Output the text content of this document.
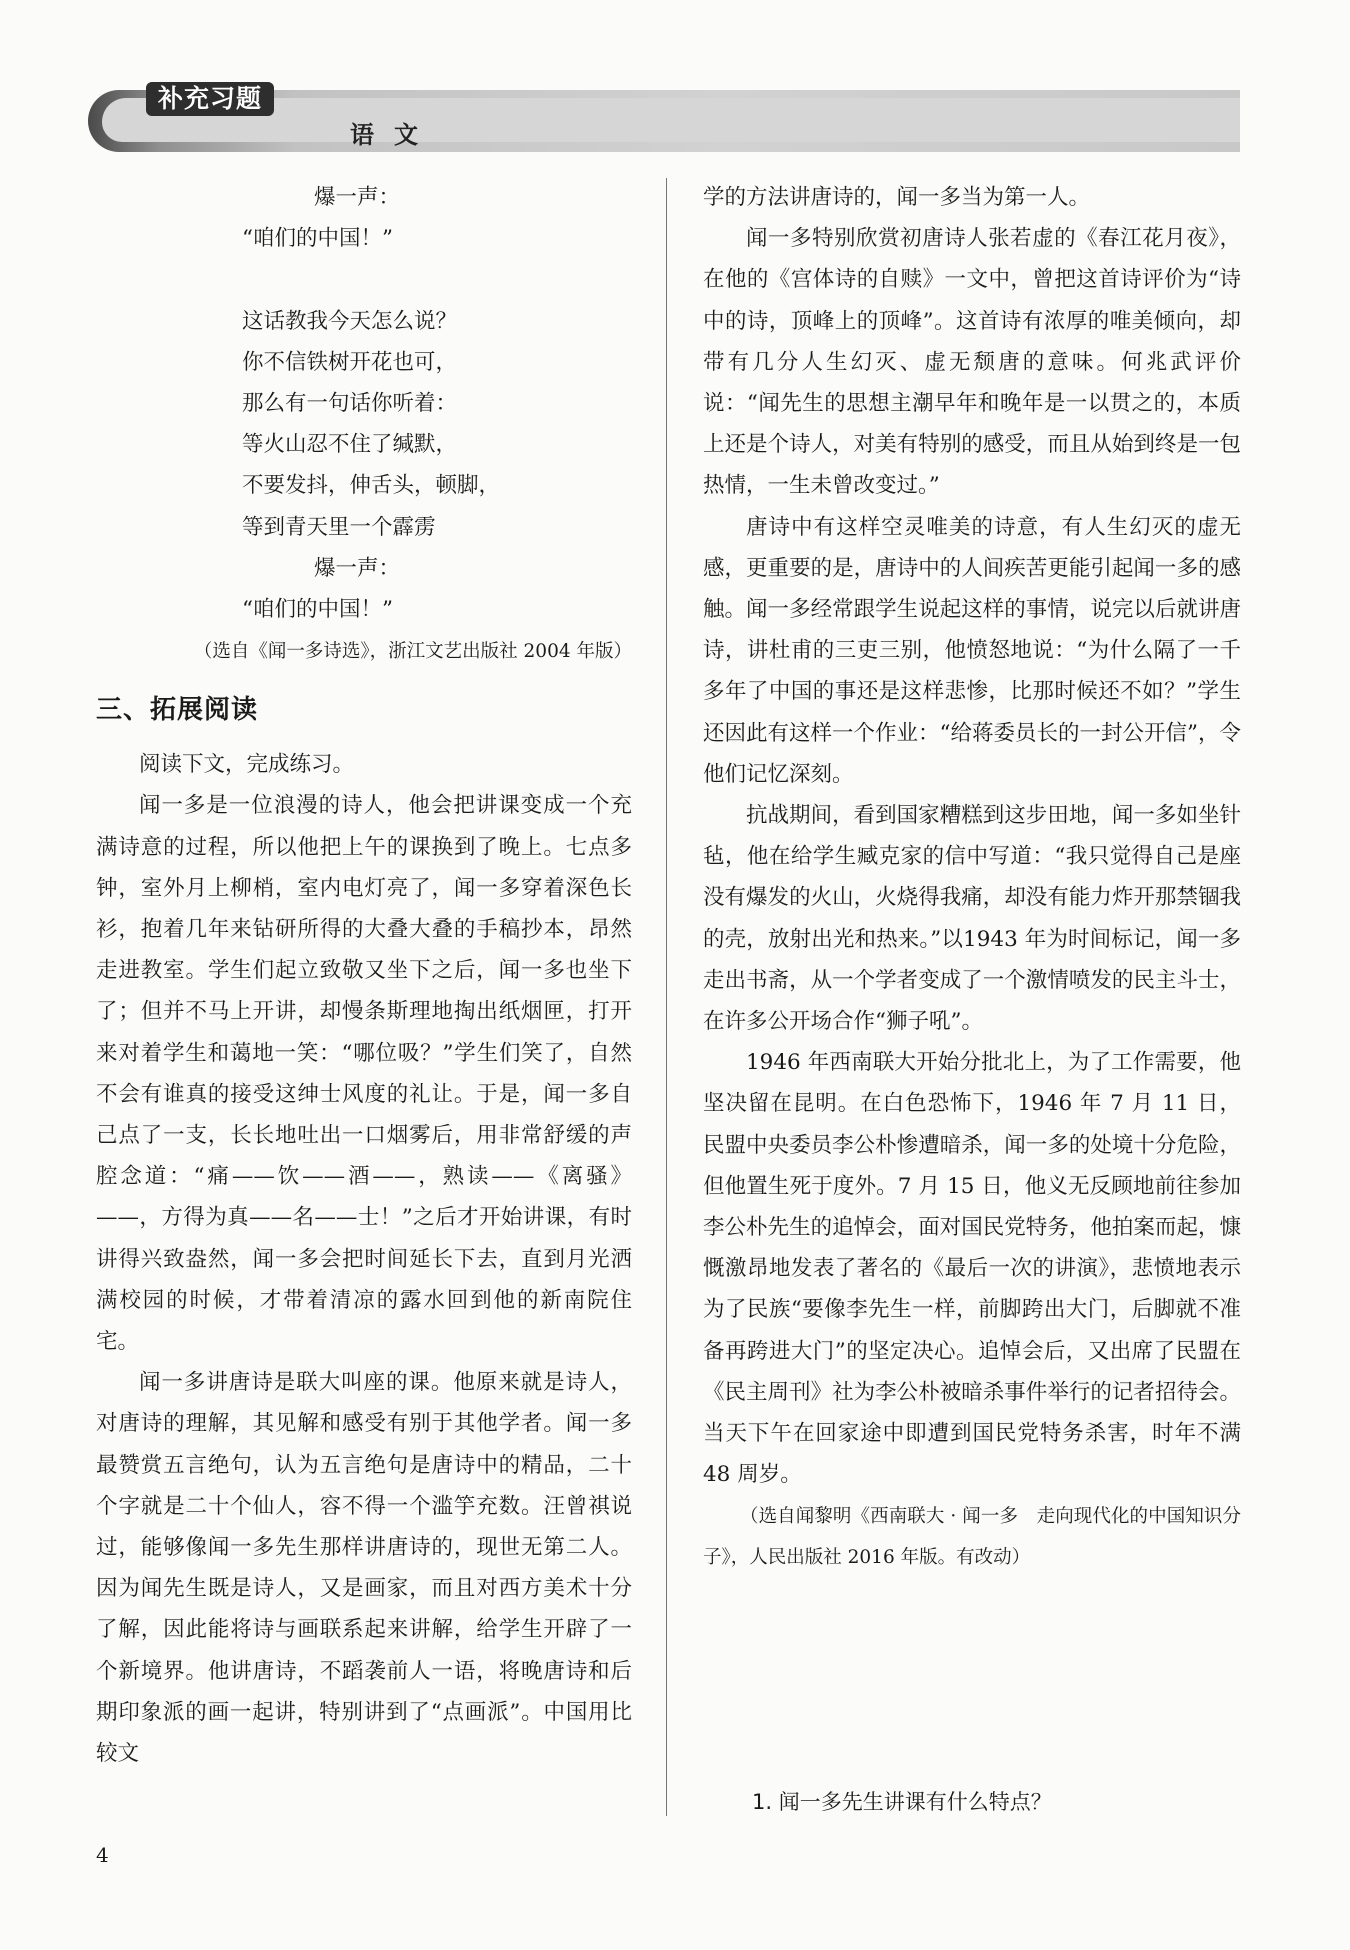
补充习题
语文
爆一声：
“咱们的中国！”
这话教我今天怎么说？
你不信铁树开花也可，
那么有一句话你听着：
等火山忍不住了缄默，
不要发抖，伸舌头，顿脚，
等到青天里一个霹雳
爆一声：
“咱们的中国！”
（选自《闻一多诗选》，浙江文艺出版社 2004 年版）
三、拓展阅读

阅读下文，完成练习。

闻一多是一位浪漫的诗人，他会把讲课变成一个充满诗意的过程，所以他把上午的课换到了晚上。七点多钟，室外月上柳梢，室内电灯亮了，闻一多穿着深色长衫，抱着几年来钻研所得的大叠大叠的手稿抄本，昂然走进教室。学生们起立致敬又坐下之后，闻一多也坐下了；但并不马上开讲，却慢条斯理地掏出纸烟匣，打开来对着学生和蔼地一笑：“哪位吸？”学生们笑了，自然不会有谁真的接受这绅士风度的礼让。于是，闻一多自己点了一支，长长地吐出一口烟雾后，用非常舒缓的声腔念道：“痛——饮——酒——，熟读——《离骚》——，方得为真——名——士！”之后才开始讲课，有时讲得兴致盎然，闻一多会把时间延长下去，直到月光洒满校园的时候，才带着清凉的露水回到他的新南院住宅。

闻一多讲唐诗是联大叫座的课。他原来就是诗人，对唐诗的理解，其见解和感受有别于其他学者。闻一多最赞赏五言绝句，认为五言绝句是唐诗中的精品，二十个字就是二十个仙人，容不得一个滥竽充数。汪曾祺说过，能够像闻一多先生那样讲唐诗的，现世无第二人。因为闻先生既是诗人，又是画家，而且对西方美术十分了解，因此能将诗与画联系起来讲解，给学生开辟了一个新境界。他讲唐诗，不蹈袭前人一语，将晚唐诗和后期印象派的画一起讲，特别讲到了“点画派”。中国用比较文

学的方法讲唐诗的，闻一多当为第一人。

闻一多特别欣赏初唐诗人张若虚的《春江花月夜》，在他的《宫体诗的自赎》一文中，曾把这首诗评价为“诗中的诗，顶峰上的顶峰”。这首诗有浓厚的唯美倾向，却带有几分人生幻灭、虚无颓唐的意味。何兆武评价说：“闻先生的思想主潮早年和晚年是一以贯之的，本质上还是个诗人，对美有特别的感受，而且从始到终是一包热情，一生未曾改变过。”

唐诗中有这样空灵唯美的诗意，有人生幻灭的虚无感，更重要的是，唐诗中的人间疾苦更能引起闻一多的感触。闻一多经常跟学生说起这样的事情，说完以后就讲唐诗，讲杜甫的三吏三别，他愤怒地说：“为什么隔了一千多年了中国的事还是这样悲惨，比那时候还不如？”学生还因此有这样一个作业：“给蒋委员长的一封公开信”，令他们记忆深刻。

抗战期间，看到国家糟糕到这步田地，闻一多如坐针毡，他在给学生臧克家的信中写道：“我只觉得自己是座没有爆发的火山，火烧得我痛，却没有能力炸开那禁锢我的壳，放射出光和热来。”以1943 年为时间标记，闻一多走出书斋，从一个学者变成了一个激情喷发的民主斗士，在许多公开场合作“狮子吼”。

1946 年西南联大开始分批北上，为了工作需要，他坚决留在昆明。在白色恐怖下，1946 年 7 月 11 日，民盟中央委员李公朴惨遭暗杀，闻一多的处境十分危险，但他置生死于度外。7 月 15 日，他义无反顾地前往参加李公朴先生的追悼会，面对国民党特务，他拍案而起，慷慨激昂地发表了著名的《最后一次的讲演》，悲愤地表示为了民族“要像李先生一样，前脚跨出大门，后脚就不准备再跨进大门”的坚定决心。追悼会后，又出席了民盟在《民主周刊》社为李公朴被暗杀事件举行的记者招待会。当天下午在回家途中即遭到国民党特务杀害，时年不满 48 周岁。

（选自闻黎明《西南联大 · 闻一多　走向现代化的中国知识分子》，人民出版社 2016 年版。有改动）

1. 闻一多先生讲课有什么特点？
4
